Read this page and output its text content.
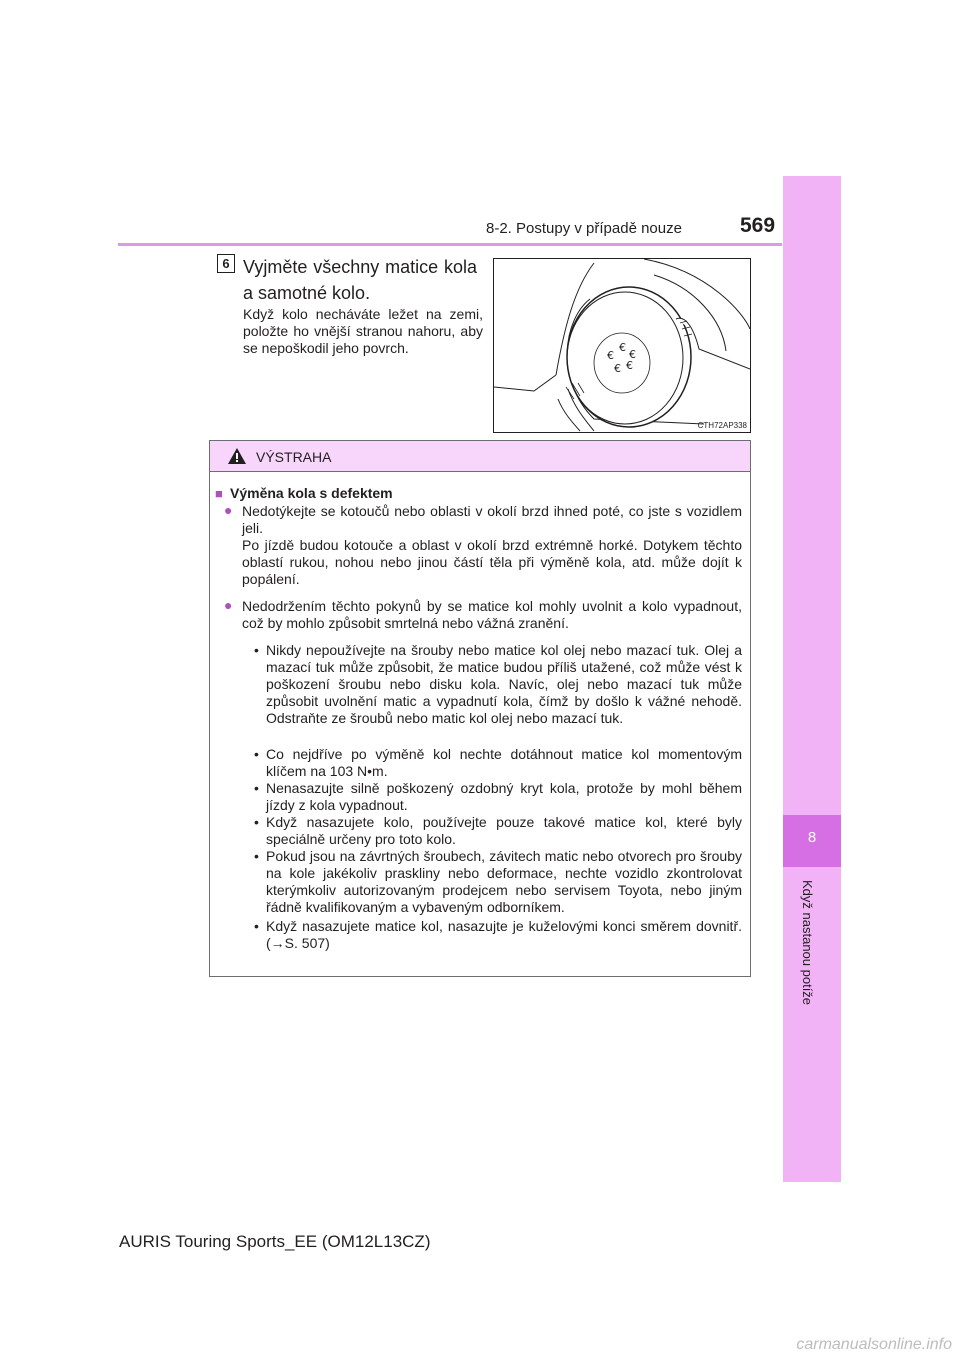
8-2. Postupy v případě nouze	569
8
Když nastanou potíže
6 Vyjměte všechny matice kola a samotné kolo.
Když kolo necháváte ležet na zemi, položte ho vnější stranou nahoru, aby se nepoškodil jeho povrch.	€
€
€
€ €
CTH72AP338
VÝSTRAHA
■ Výměna kola s defektem
● Nedotýkejte se kotoučů nebo oblasti v okolí brzd ihned poté, co jste s vozidlem jeli.
Po jízdě budou kotouče a oblast v okolí brzd extrémně horké. Dotykem těchto oblastí rukou, nohou nebo jinou částí těla při výměně kola, atd. může dojít k popálení.
● Nedodržením těchto pokynů by se matice kol mohly uvolnit a kolo vypadnout, což by mohlo způsobit smrtelná nebo vážná zranění.
• Nikdy nepoužívejte na šrouby nebo matice kol olej nebo mazací tuk. Olej a mazací tuk může způsobit, že matice budou příliš utažené, což může vést k poškození šroubu nebo disku kola. Navíc, olej nebo mazací tuk může způsobit uvolnění matic a vypadnutí kola, čímž by došlo k vážné nehodě. Odstraňte ze šroubů nebo matic kol olej nebo mazací tuk.
• Co nejdříve po výměně kol nechte dotáhnout matice kol momentovým klíčem na 103 N•m.
• Nenasazujte silně poškozený ozdobný kryt kola, protože by mohl během jízdy z kola vypadnout.
• Když nasazujete kolo, používejte pouze takové matice kol, které byly speciálně určeny pro toto kolo.
• Pokud jsou na závrtných šroubech, závitech matic nebo otvorech pro šrouby na kole jakékoliv praskliny nebo deformace, nechte vozidlo zkontrolovat kterýmkoliv autorizovaným prodejcem nebo servisem Toyota, nebo jiným řádně kvalifikovaným a vybaveným odborníkem.
• Když nasazujete matice kol, nasazujte je kuželovými konci směrem dovnitř. (→S. 507)
AURIS Touring Sports_EE (OM12L13CZ)
carmanualsonline.info
